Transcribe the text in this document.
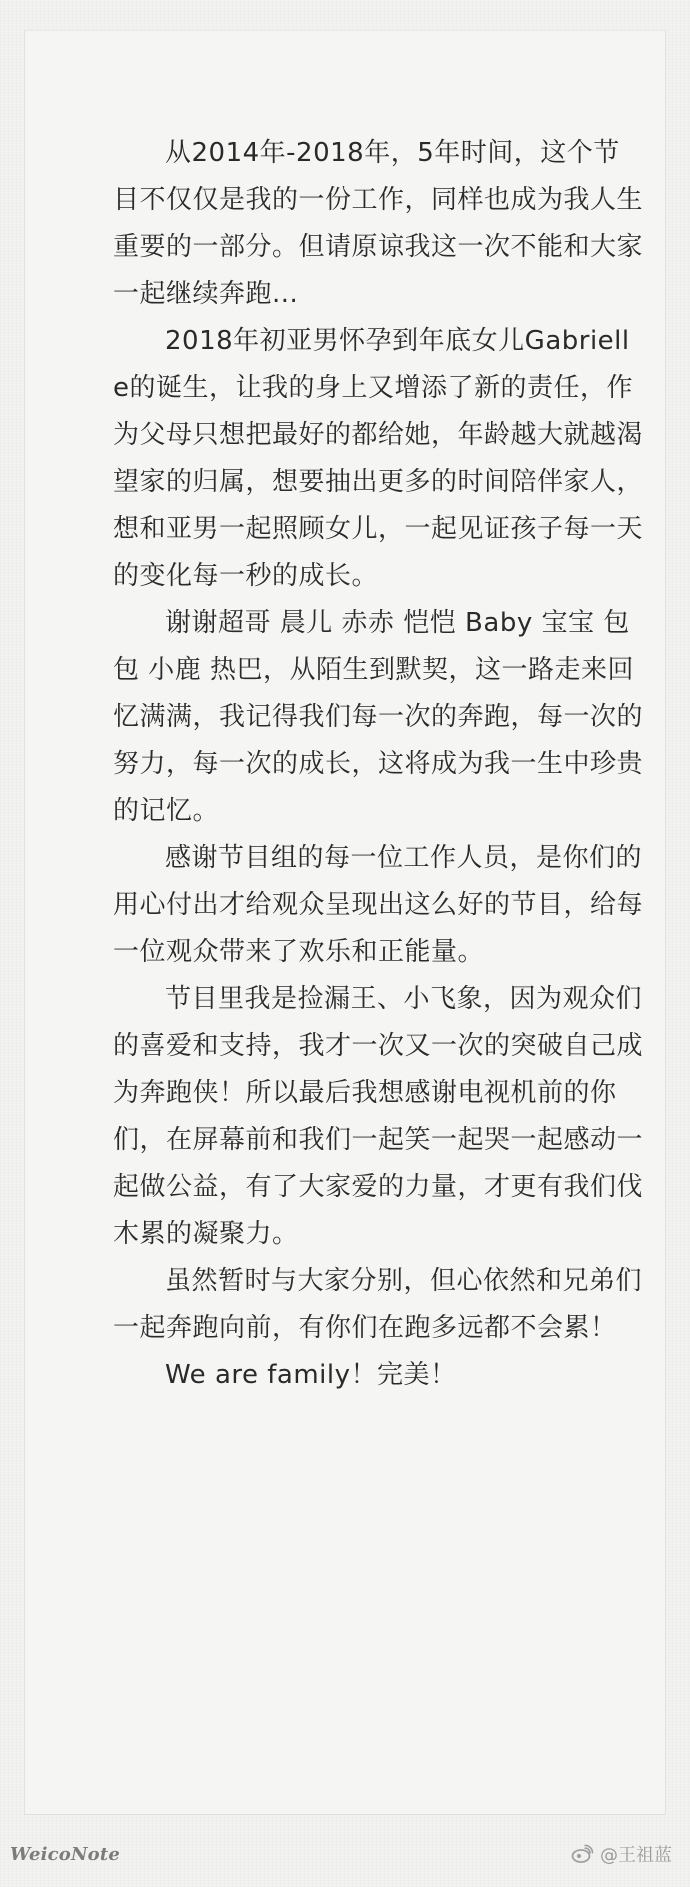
从2014年-2018年，5年时间，这个节目不仅仅是我的一份工作，同样也成为我人生重要的一部分。但请原谅我这一次不能和大家一起继续奔跑...

2018年初亚男怀孕到年底女儿Gabrielle的诞生，让我的身上又增添了新的责任，作为父母只想把最好的都给她，年龄越大就越渴望家的归属，想要抽出更多的时间陪伴家人，想和亚男一起照顾女儿，一起见证孩子每一天的变化每一秒的成长。

谢谢超哥 晨儿 赤赤 恺恺 Baby 宝宝 包包 小鹿 热巴，从陌生到默契，这一路走来回忆满满，我记得我们每一次的奔跑，每一次的努力，每一次的成长，这将成为我一生中珍贵的记忆。

感谢节目组的每一位工作人员，是你们的用心付出才给观众呈现出这么好的节目，给每一位观众带来了欢乐和正能量。

节目里我是捡漏王、小飞象，因为观众们的喜爱和支持，我才一次又一次的突破自己成为奔跑侠！所以最后我想感谢电视机前的你们，在屏幕前和我们一起笑一起哭一起感动一起做公益，有了大家爱的力量，才更有我们伐木累的凝聚力。

虽然暂时与大家分别，但心依然和兄弟们一起奔跑向前，有你们在跑多远都不会累！

We are family！完美！

WeicoNote	@王祖蓝
